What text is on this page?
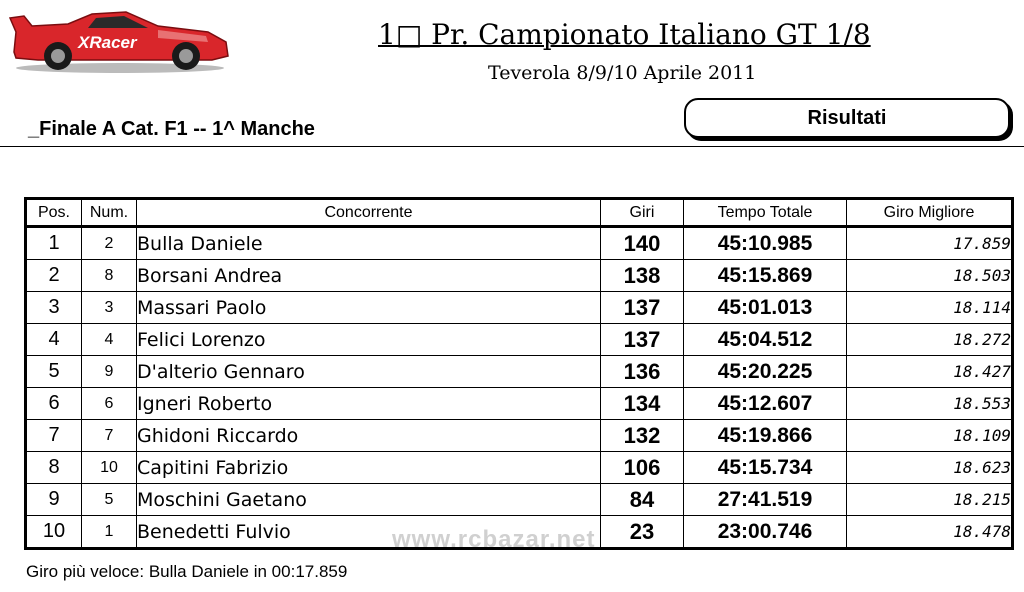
XRacer	1□ Pr. Campionato Italiano GT 1/8
Teverola 8/9/10 Aprile 2011
_Finale A Cat. F1 -- 1^ Manche	Risultati
Pos.	Num.	Concorrente	Giri	Tempo Totale	Giro Migliore
1	2	Bulla Daniele	140	45:10.985	17.859
2	8	Borsani Andrea	138	45:15.869	18.503
3	3	Massari Paolo	137	45:01.013	18.114
4	4	Felici Lorenzo	137	45:04.512	18.272
5	9	D'alterio Gennaro	136	45:20.225	18.427
6	6	Igneri Roberto	134	45:12.607	18.553
7	7	Ghidoni Riccardo	132	45:19.866	18.109
8	10	Capitini Fabrizio	106	45:15.734	18.623
9	5	Moschini Gaetano	84	27:41.519	18.215
10	1	Benedetti Fulvio	23	23:00.746	18.478
www.rcbazar.net
Giro più veloce: Bulla Daniele in 00:17.859
